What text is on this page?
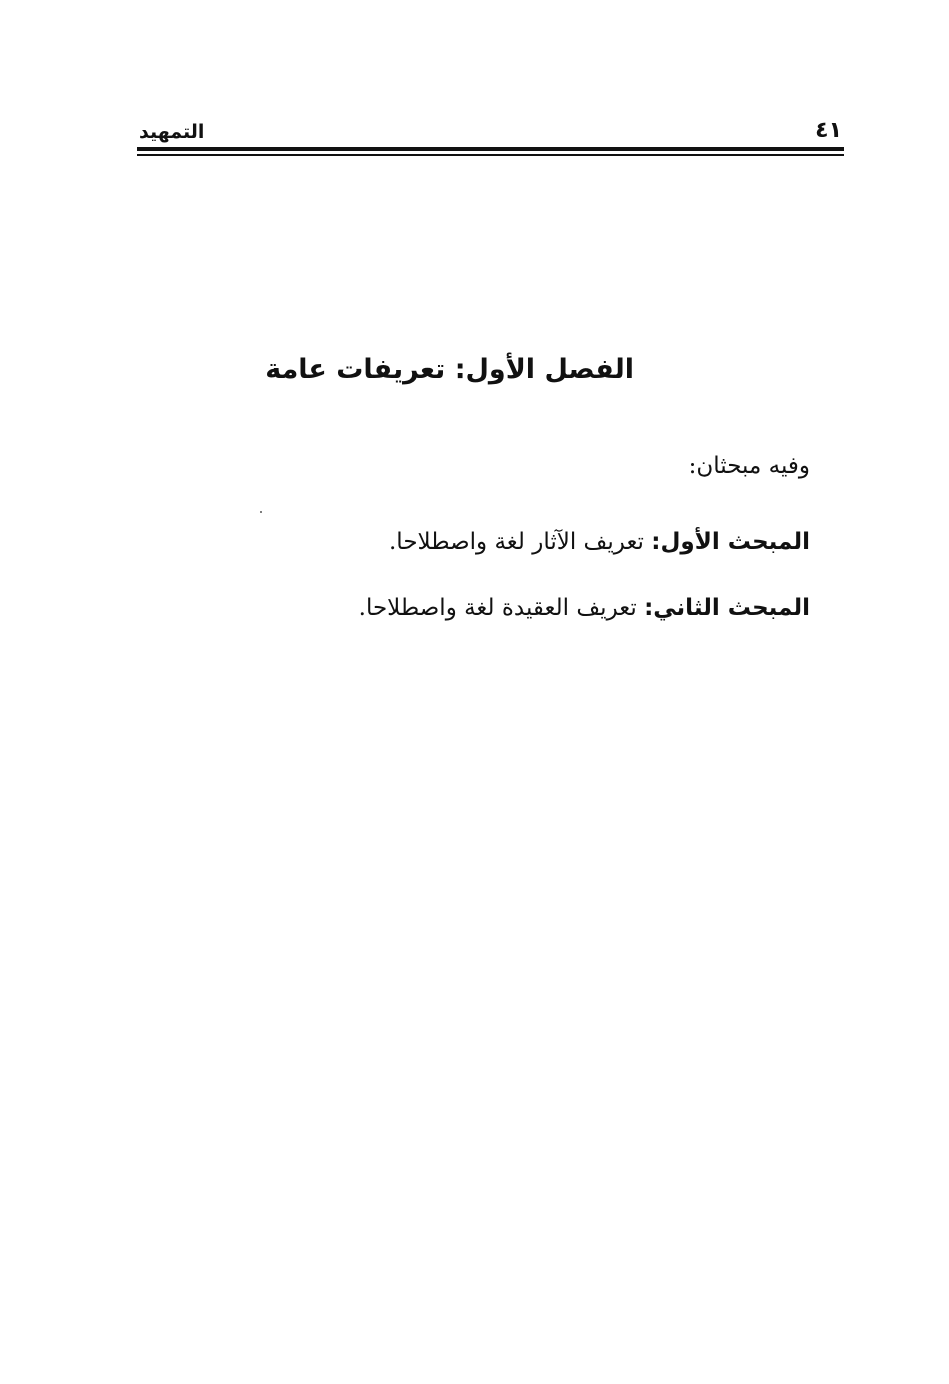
٤١
التمهيد
الفصل الأول: تعريفات عامة

وفيه مبحثان:

المبحث الأول: تعريف الآثار لغة واصطلاحا.

المبحث الثاني: تعريف العقيدة لغة واصطلاحا.
